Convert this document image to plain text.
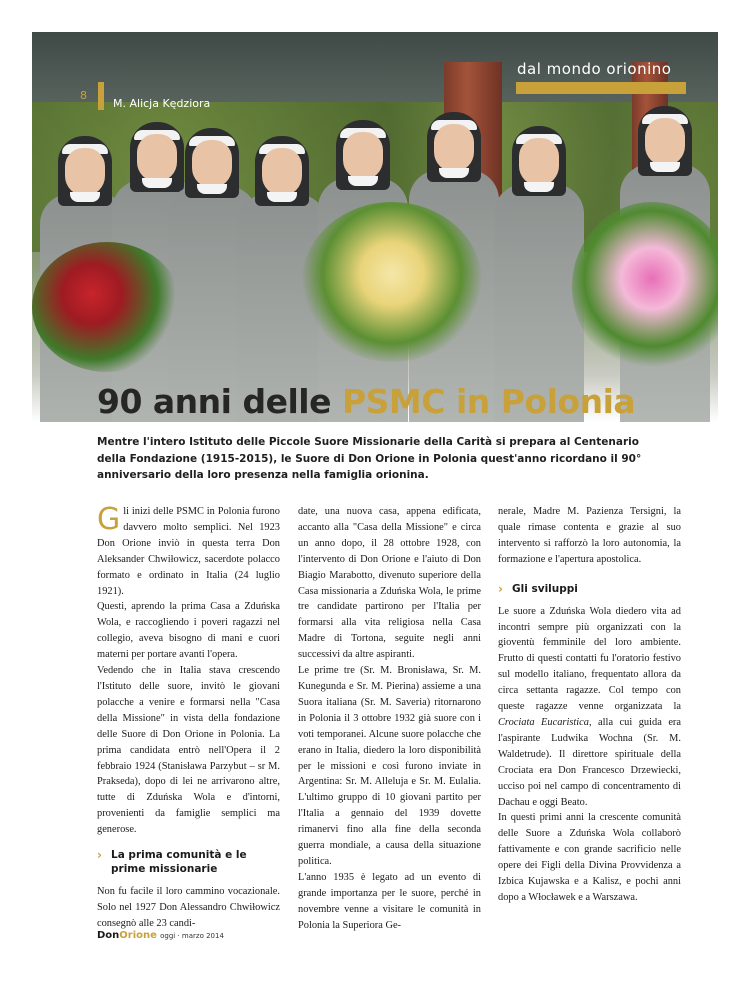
dal mondo orionino
8
M. Alicja Kędziora
90 anni delle PSMC in Polonia

Mentre l'intero Istituto delle Piccole Suore Missionarie della Carità si prepara al Centenario della Fondazione (1915-2015), le Suore di Don Orione in Polonia quest'anno ricordano il 90° anniversario della loro presenza nella famiglia orionina.

Gli inizi delle PSMC in Polonia furono davvero molto semplici. Nel 1923 Don Orione inviò in questa terra Don Aleksander Chwiłowicz, sacerdote polacco formato e ordinato in Italia (24 luglio 1921).

Questi, aprendo la prima Casa a Zduńska Wola, e raccogliendo i poveri ragazzi nel collegio, aveva bisogno di mani e cuori materni per portare avanti l'opera.

Vedendo che in Italia stava crescendo l'Istituto delle suore, invitò le giovani polacche a venire e formarsi nella "Casa della Missione" in vista della fondazione delle Suore di Don Orione in Polonia. La prima candidata entrò nell'Opera il 2 febbraio 1924 (Stanisława Parzybut – sr M. Prakseda), dopo di lei ne arrivarono altre, tutte di Zduńska Wola e d'intorni, provenienti da famiglie semplici ma generose.

› La prima comunità e le prime missionarie

Non fu facile il loro cammino vocazionale. Solo nel 1927 Don Alessandro Chwiłowicz consegnò alle 23 candi-

date, una nuova casa, appena edificata, accanto alla "Casa della Missione" e circa un anno dopo, il 28 ottobre 1928, con l'intervento di Don Orione e l'aiuto di Don Biagio Marabotto, divenuto superiore della Casa missionaria a Zduńska Wola, le prime tre candidate partirono per l'Italia per formarsi alla vita religiosa nella Casa Madre di Tortona, seguite negli anni successivi da altre aspiranti.

Le prime tre (Sr. M. Bronisława, Sr. M. Kunegunda e Sr. M. Pierina) assieme a una Suora italiana (Sr. M. Saveria) ritornarono in Polonia il 3 ottobre 1932 già suore con i voti temporanei. Alcune suore polacche che erano in Italia, diedero la loro disponibilità per le missioni e così furono inviate in Argentina: Sr. M. Alleluja e Sr. M. Eulalia. L'ultimo gruppo di 10 giovani partito per l'Italia a gennaio del 1939 dovette rimanervi fino alla fine della seconda guerra mondiale, a causa della situazione politica.

L'anno 1935 è legato ad un evento di grande importanza per le suore, perché in novembre venne a visitare le comunità in Polonia la Superiora Ge-

nerale, Madre M. Pazienza Tersigni, la quale rimase contenta e grazie al suo intervento si rafforzò la loro autonomia, la formazione e l'apertura apostolica.

› Gli sviluppi

Le suore a Zduńska Wola diedero vita ad incontri sempre più organizzati con la gioventù femminile del loro ambiente. Frutto di questi contatti fu l'oratorio festivo sul modello italiano, frequentato allora da circa settanta ragazze. Col tempo con queste ragazze venne organizzata la Crociata Eucaristica, alla cui guida era l'aspirante Ludwika Wochna (Sr. M. Waldetrude). Il direttore spirituale della Crociata era Don Francesco Drzewiecki, ucciso poi nel campo di concentramento di Dachau e oggi Beato.

In questi primi anni la crescente comunità delle Suore a Zduńska Wola collaborò fattivamente e con grande sacrificio nelle opere dei Figli della Divina Provvidenza a Izbica Kujawska e a Kalisz, e pochi anni dopo a Włocławek e a Warszawa.

DonOrione oggi · marzo 2014
